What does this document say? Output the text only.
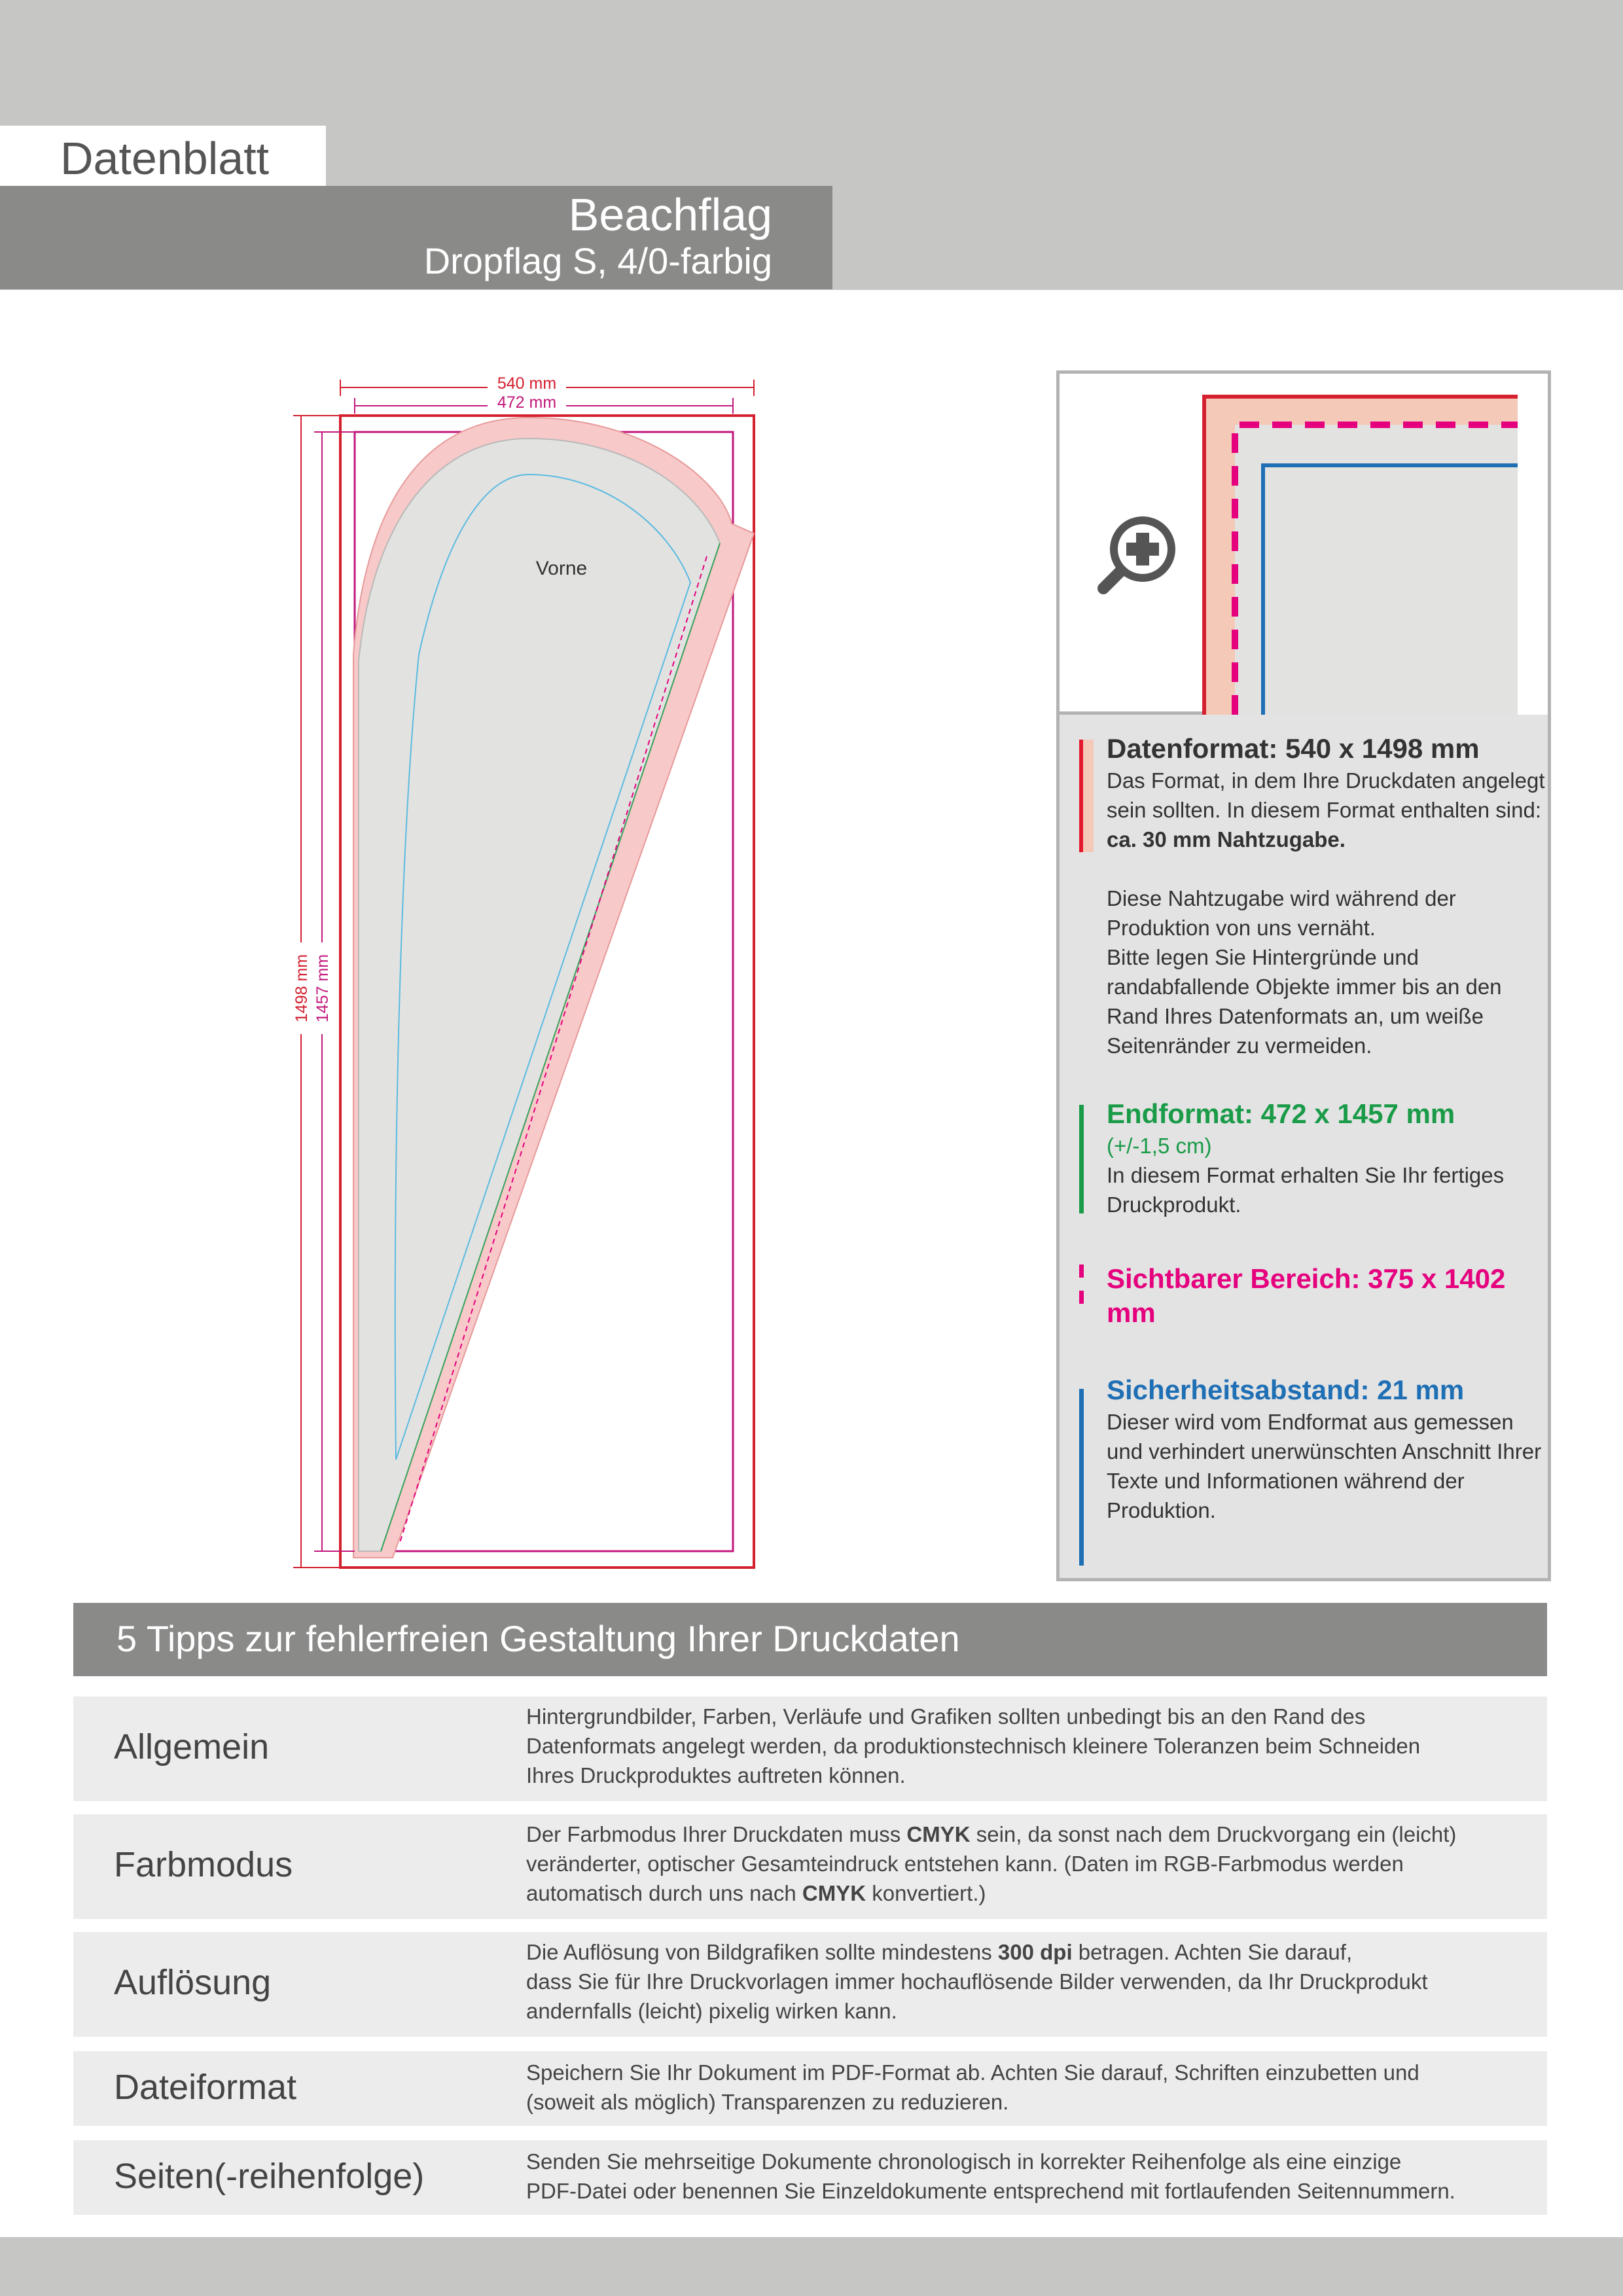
Datenblatt
Beachflag
Dropflag S, 4/0-farbig
Vorne
540 mm
472 mm
1498 mm 1457 mm
Datenformat: 540 x 1498 mm
Das Format, in dem Ihre Druckdaten angelegt sein sollten. In diesem Format enthalten sind: ca. 30 mm Nahtzugabe.
Diese Nahtzugabe wird während der Produktion von uns vernäht.
Bitte legen Sie Hintergründe und randabfallende Objekte immer bis an den Rand Ihres Datenformats an, um weiße Seitenränder zu vermeiden.
Endformat: 472 x 1457 mm
(+/-1,5 cm)
In diesem Format erhalten Sie Ihr fertiges Druckprodukt.
Sichtbarer Bereich: 375 x 1402 mm
Sicherheitsabstand: 21 mm
Dieser wird vom Endformat aus gemessen und verhindert unerwünschten Anschnitt Ihrer Texte und Informationen während der Produktion.
5 Tipps zur fehlerfreien Gestaltung Ihrer Druckdaten
Allgemein
Hintergrundbilder, Farben, Verläufe und Grafiken sollten unbedingt bis an den Rand des
Datenformats angelegt werden, da produktionstechnisch kleinere Toleranzen beim Schneiden
Ihres Druckproduktes auftreten können.
Farbmodus
Der Farbmodus Ihrer Druckdaten muss CMYK sein, da sonst nach dem Druckvorgang ein (leicht)
veränderter, optischer Gesamteindruck entstehen kann. (Daten im RGB-Farbmodus werden
automatisch durch uns nach CMYK konvertiert.)
Auflösung
Die Auflösung von Bildgrafiken sollte mindestens 300 dpi betragen. Achten Sie darauf,
dass Sie für Ihre Druckvorlagen immer hochauflösende Bilder verwenden, da Ihr Druckprodukt
andernfalls (leicht) pixelig wirken kann.
Dateiformat	Speichern Sie Ihr Dokument im PDF-Format ab. Achten Sie darauf, Schriften einzubetten und
(soweit als möglich) Transparenzen zu reduzieren.
Seiten(-reihenfolge)	Senden Sie mehrseitige Dokumente chronologisch in korrekter Reihenfolge als eine einzige
PDF-Datei oder benennen Sie Einzeldokumente entsprechend mit fortlaufenden Seitennummern.
